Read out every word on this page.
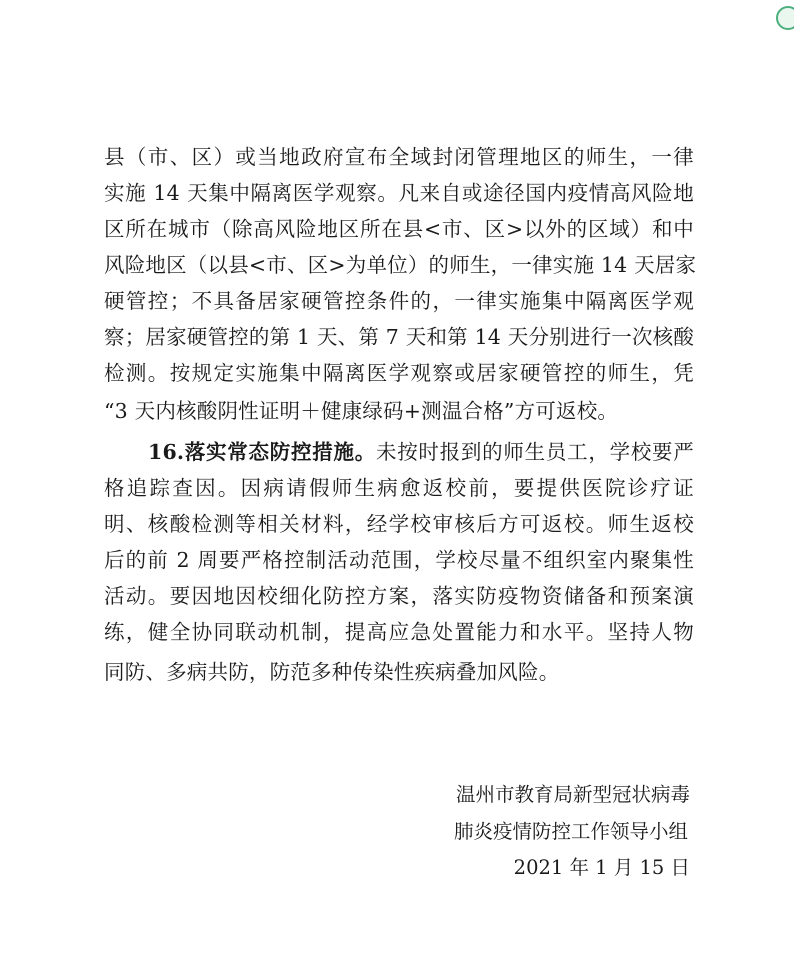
县（市、区）或当地政府宣布全域封闭管理地区的师生，一律
实施 14 天集中隔离医学观察。凡来自或途径国内疫情高风险地
区所在城市（除高风险地区所在县<市、区>以外的区域）和中
风险地区（以县<市、区>为单位）的师生，一律实施 14 天居家
硬管控；不具备居家硬管控条件的，一律实施集中隔离医学观
察；居家硬管控的第 1 天、第 7 天和第 14 天分别进行一次核酸
检测。按规定实施集中隔离医学观察或居家硬管控的师生，凭
“3 天内核酸阴性证明＋健康绿码+测温合格”方可返校。
16.落实常态防控措施。未按时报到的师生员工，学校要严
格追踪查因。因病请假师生病愈返校前，要提供医院诊疗证
明、核酸检测等相关材料，经学校审核后方可返校。师生返校
后的前 2 周要严格控制活动范围，学校尽量不组织室内聚集性
活动。要因地因校细化防控方案，落实防疫物资储备和预案演
练，健全协同联动机制，提高应急处置能力和水平。坚持人物
同防、多病共防，防范多种传染性疾病叠加风险。
温州市教育局新型冠状病毒
肺炎疫情防控工作领导小组
2021 年 1 月 15 日
